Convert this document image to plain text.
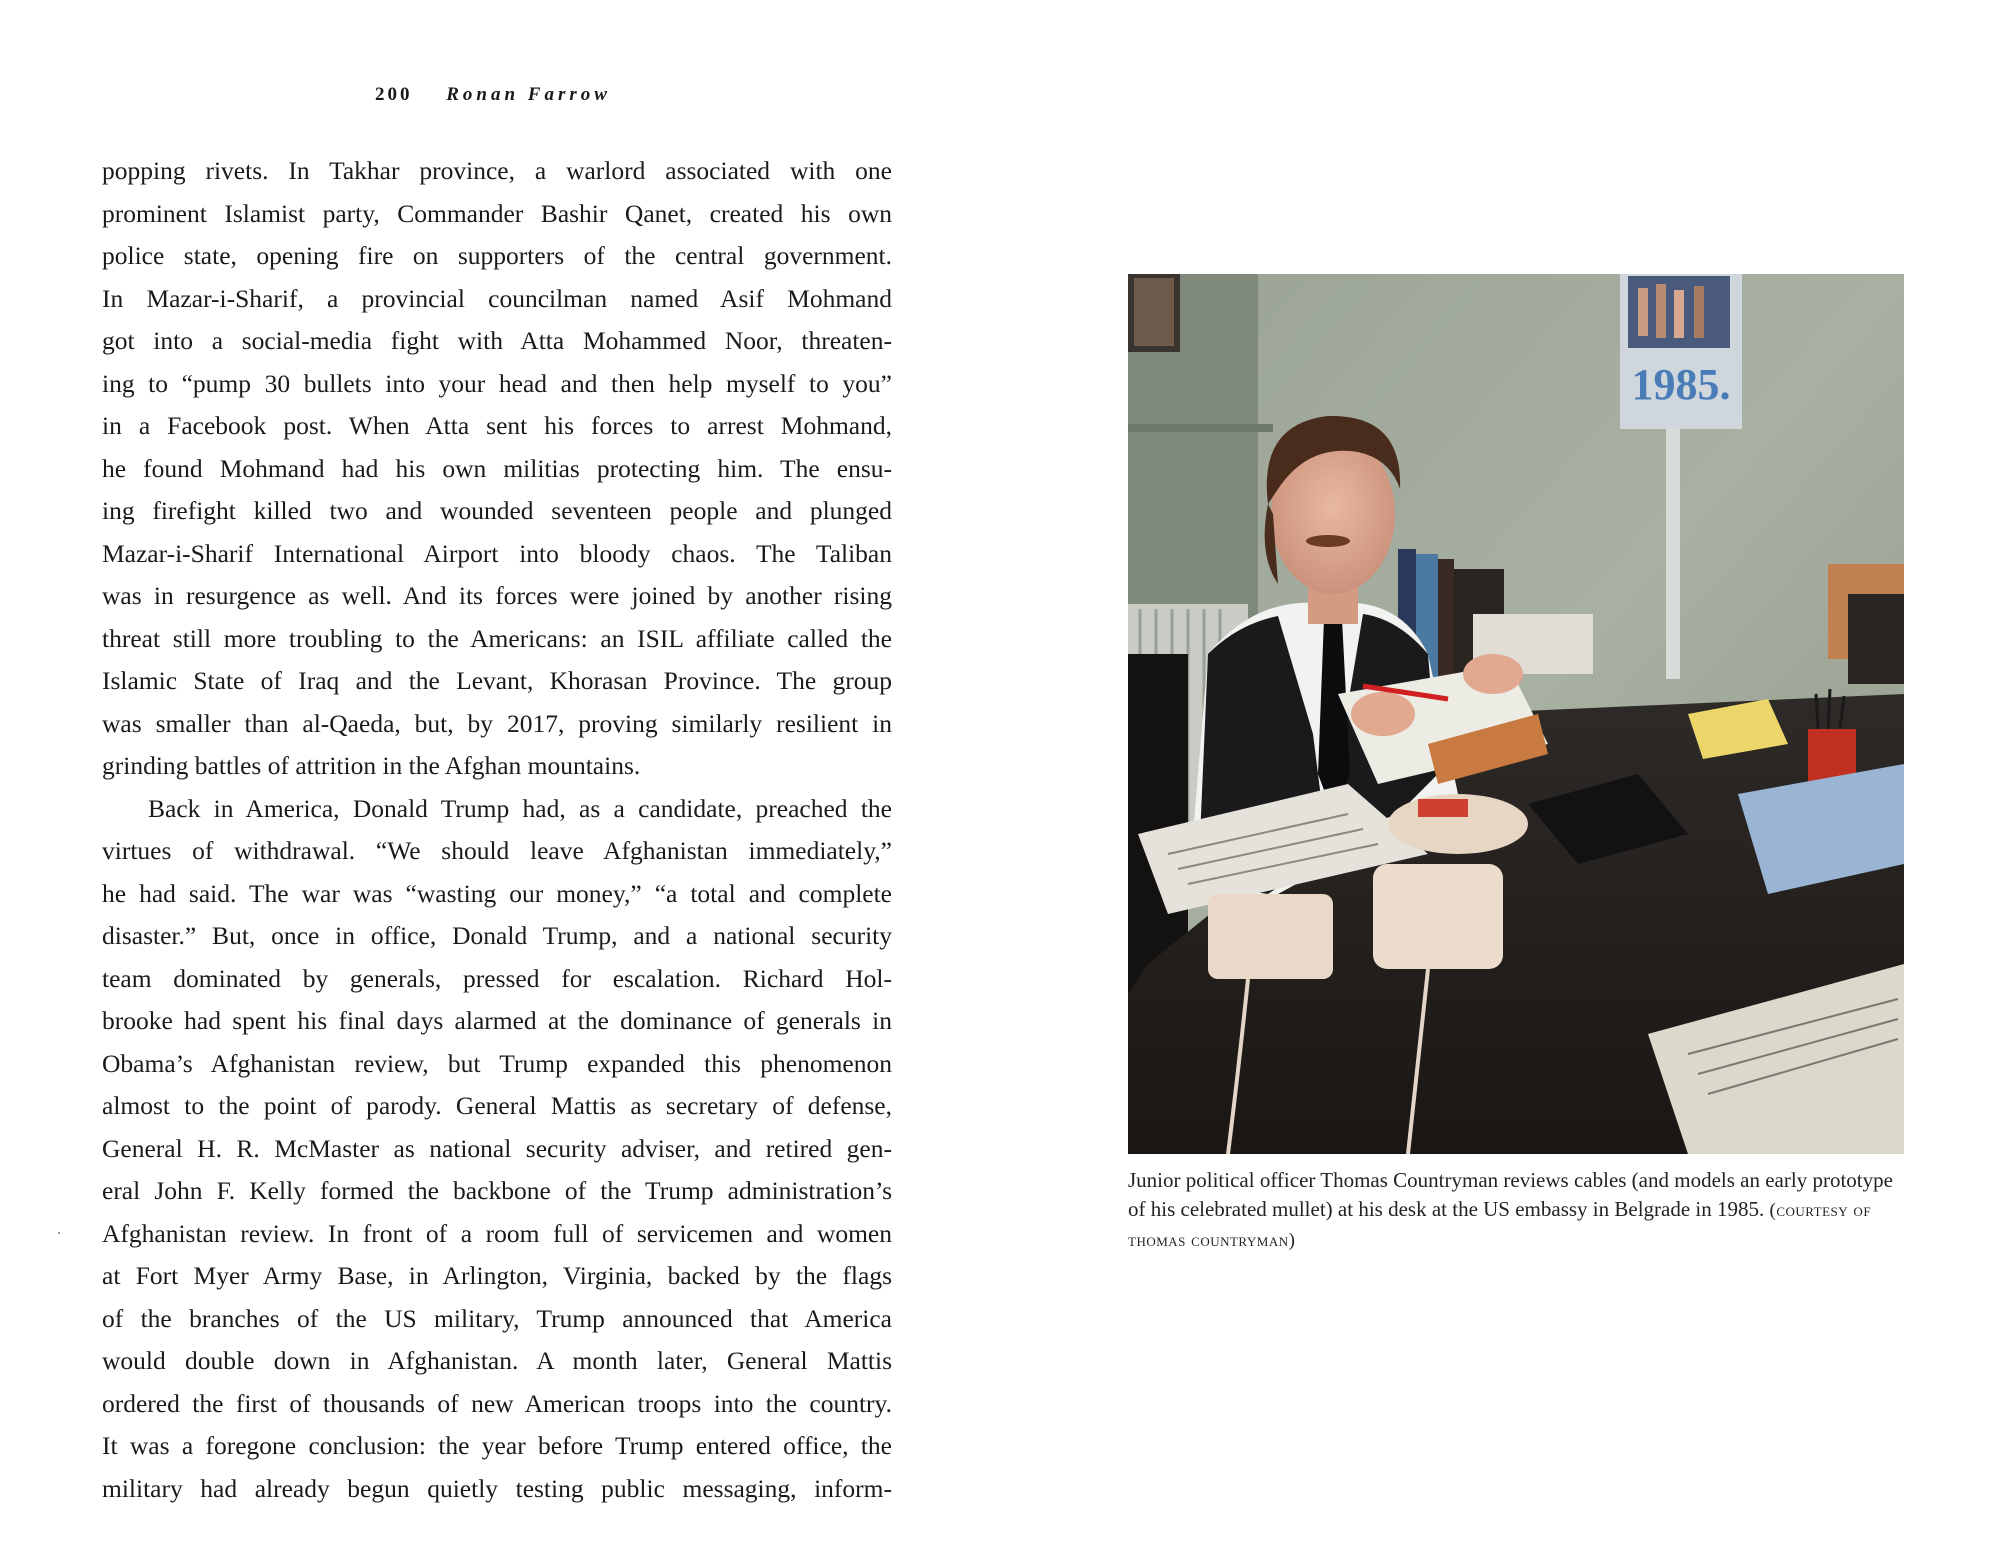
200 Ronan Farrow
popping rivets. In Takhar province, a warlord associated with one
prominent Islamist party, Commander Bashir Qanet, created his own
police state, opening fire on supporters of the central government.
In Mazar-i-Sharif, a provincial councilman named Asif Mohmand
got into a social-media fight with Atta Mohammed Noor, threaten-
ing to “pump 30 bullets into your head and then help myself to you”
in a Facebook post. When Atta sent his forces to arrest Mohmand,
he found Mohmand had his own militias protecting him. The ensu-
ing firefight killed two and wounded seventeen people and plunged
Mazar-i-Sharif International Airport into bloody chaos. The Taliban
was in resurgence as well. And its forces were joined by another rising
threat still more troubling to the Americans: an ISIL affiliate called the
Islamic State of Iraq and the Levant, Khorasan Province. The group
was smaller than al-Qaeda, but, by 2017, proving similarly resilient in
grinding battles of attrition in the Afghan mountains.
Back in America, Donald Trump had, as a candidate, preached the
virtues of withdrawal. “We should leave Afghanistan immediately,”
he had said. The war was “wasting our money,” “a total and complete
disaster.” But, once in office, Donald Trump, and a national security
team dominated by generals, pressed for escalation. Richard Hol-
brooke had spent his final days alarmed at the dominance of generals in
Obama’s Afghanistan review, but Trump expanded this phenomenon
almost to the point of parody. General Mattis as secretary of defense,
General H. R. McMaster as national security adviser, and retired gen-
eral John F. Kelly formed the backbone of the Trump administration’s
Afghanistan review. In front of a room full of servicemen and women
at Fort Myer Army Base, in Arlington, Virginia, backed by the flags
of the branches of the US military, Trump announced that America
would double down in Afghanistan. A month later, General Mattis
ordered the first of thousands of new American troops into the country.
It was a foregone conclusion: the year before Trump entered office, the
military had already begun quietly testing public messaging, inform-
1985.
Junior political officer Thomas Countryman reviews cables (and models an early prototype of his celebrated mullet) at his desk at the US embassy in Belgrade in 1985. (courtesy of thomas countryman)
